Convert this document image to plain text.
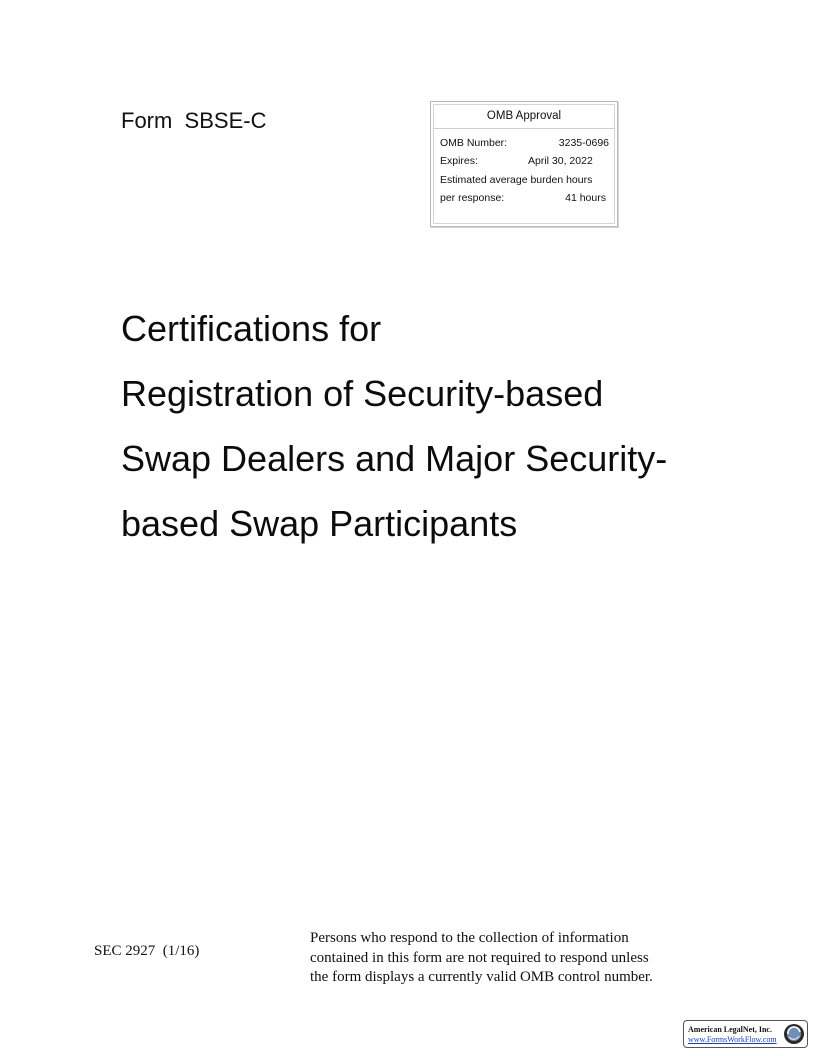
Form  SBSE-C	OMB Approval
OMB Number:	3235-0696
Expires:	April 30, 2022
Estimated average burden hours
per response:	41 hours
Certifications for
Registration of Security-based
Swap Dealers and Major Security-
based Swap Participants
SEC 2927  (1/16)
Persons who respond to the collection of information
contained in this form are not required to respond unless
the form displays a currently valid OMB control number.
American LegalNet, Inc.
www.FormsWorkFlow.com
